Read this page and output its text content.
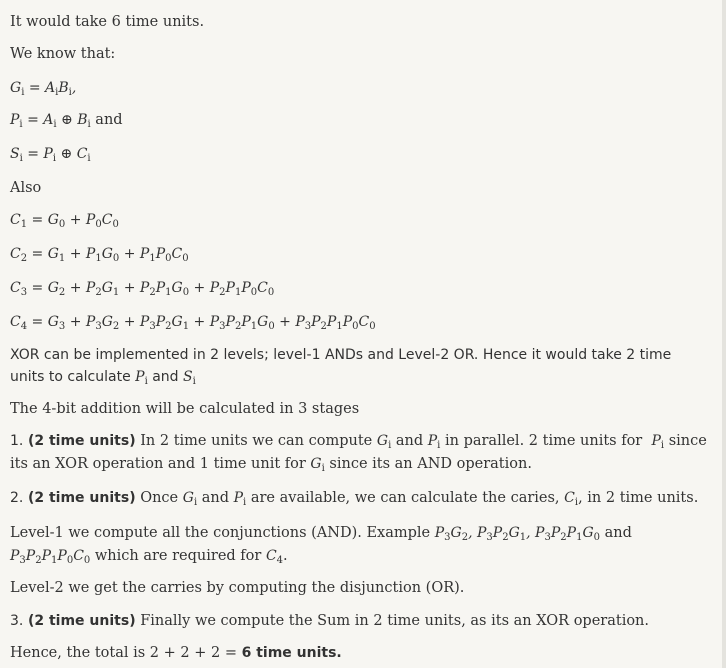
It would take 6 time units.

We know that:

$G_i = A_iB_i$,

$P_i = A_i$ ⊕ $B_i$ and

$S_i = P_i$ ⊕ $C_i$

Also

$C_1 = G_0 + P_0C_0$

$C_2 = G_1 + P_1G_0 + P_1P_0C_0$

$C_3 = G_2 + P_2G_1 + P_2P_1G_0 + P_2P_1P_0C_0$

$C_4 = G_3 + P_3G_2 + P_3P_2G_1 + P_3P_2P_1G_0 + P_3P_2P_1P_0C_0$

XOR can be implemented in 2 levels; level-1 ANDs and Level-2 OR. Hence it would take 2 time units to calculate $P_i$ and $S_i$

The 4-bit addition will be calculated in 3 stages

1. (2 time units) In 2 time units we can compute $G_i$ and $P_i$ in parallel. 2 time units for $P_i$ since its an XOR operation and 1 time unit for $G_i$ since its an AND operation.

2. (2 time units) Once $G_i$ and $P_i$ are available, we can calculate the caries, $C_i$, in 2 time units.

Level-1 we compute all the conjunctions (AND). Example $P_3G_2$, $P_3P_2G_1$, $P_3P_2P_1G_0$ and $P_3P_2P_1P_0C_0$ which are required for $C_4$.

Level-2 we get the carries by computing the disjunction (OR).

3. (2 time units) Finally we compute the Sum in 2 time units, as its an XOR operation.

Hence, the total is 2 + 2 + 2 = 6 time units.
